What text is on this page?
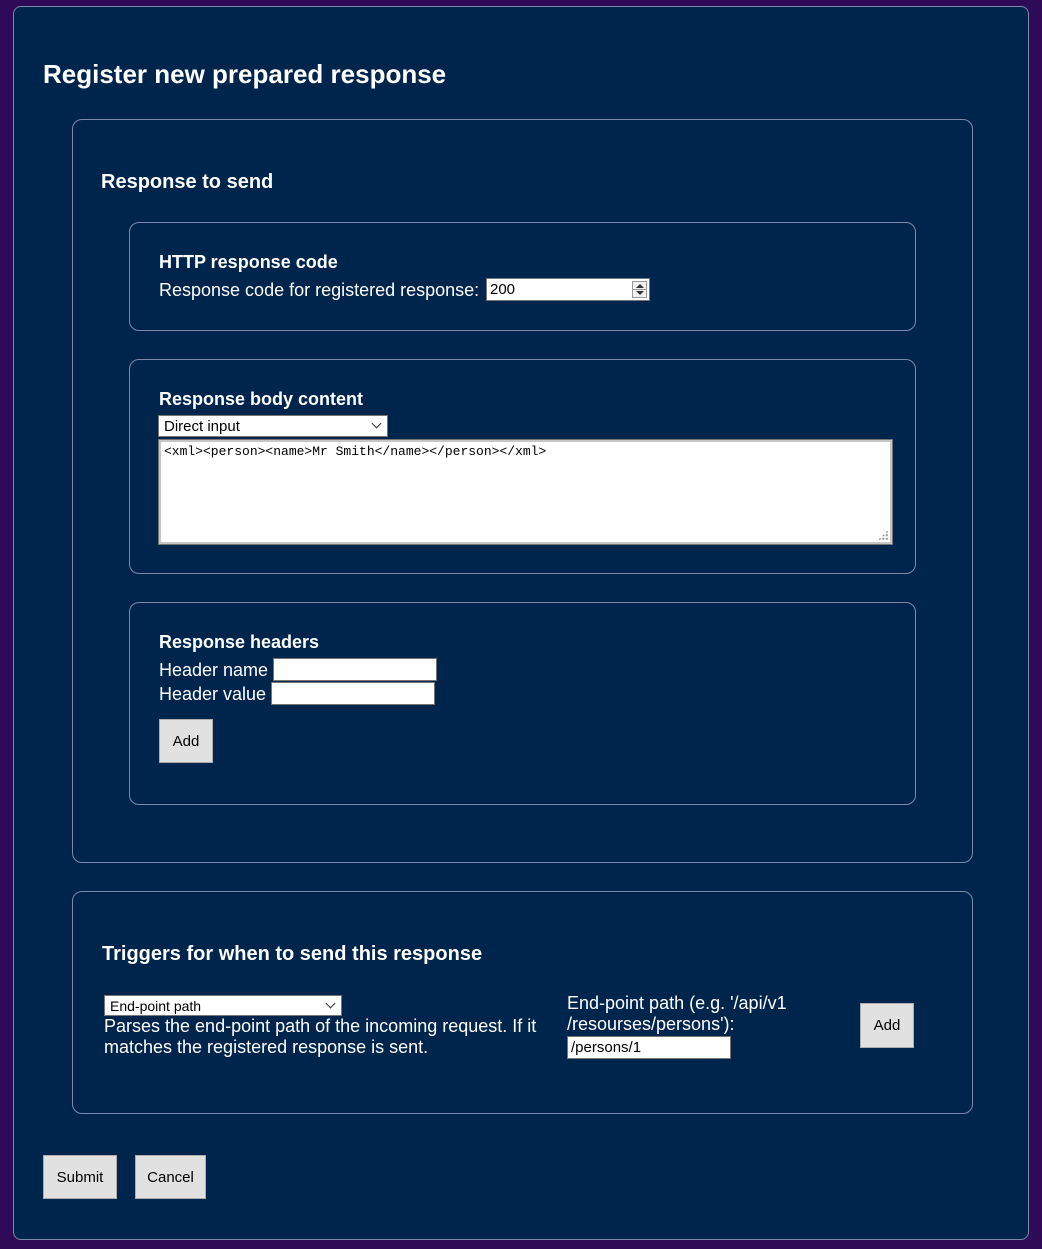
Register new prepared response
Response to send
HTTP response code
Response code for registered response: 200
Response body content
Direct input
<xml><person><name>Mr Smith</name></person></xml>
Response headers
Header name
Header value
Add
Triggers for when to send this response
End-point path
Parses the end-point path of the incoming request. If it
matches the registered response is sent.
End-point path (e.g. '/api/v1
/resourses/persons'):
/persons/1	Add
Submit	Cancel
